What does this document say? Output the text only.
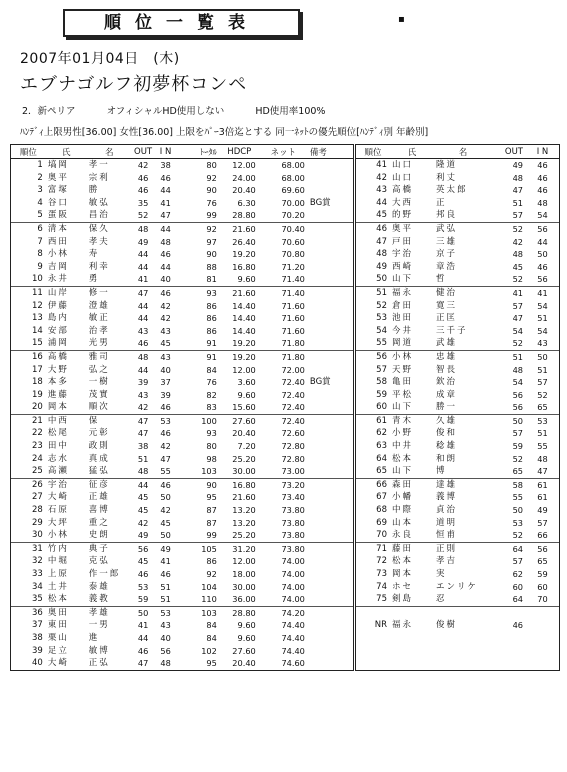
順位一覧表	▪
2007年01月04日　(木)
エブナゴルフ初夢杯コンペ
2．新ペリア	オフィシャルHD使用しない	HD使用率100%
ﾊﾝﾃﾞｨ上限男性[36.00] 女性[36.00] 上限をﾊﾟｰ3倍迄とする 同一ﾈｯﾄの優先順位[ﾊﾝﾃﾞｨ別 年齢別]
順位	氏	名	OUT	I N	ﾄｰﾀﾙ	HDCP	ネット	備考
1	塙岡	孝一	42	38	80	12.00	68.00	
2	奥平	宗利	46	46	92	24.00	68.00	
3	富塚	勝	46	44	90	20.40	69.60	
4	谷口	敏弘	35	41	76	6.30	70.00	BG賞
5	蛋阪	昌治	52	47	99	28.80	70.20	
6	清本	保久	48	44	92	21.60	70.40	
7	西田	孝夫	49	48	97	26.40	70.60	
8	小林	寿	44	46	90	19.20	70.80	
9	吉岡	利幸	44	44	88	16.80	71.20	
10	永井	勇	41	40	81	9.60	71.40	
11	山岸	修一	47	46	93	21.60	71.40	
12	伊藤	澄雄	44	42	86	14.40	71.60	
13	島内	敏正	44	42	86	14.40	71.60	
14	安部	治孝	43	43	86	14.40	71.60	
15	浦岡	光男	46	45	91	19.20	71.80	
16	高橋	雅司	48	43	91	19.20	71.80	
17	大野	弘之	44	40	84	12.00	72.00	
18	本多	一樹	39	37	76	3.60	72.40	BG賞
19	進藤	茂實	43	39	82	9.60	72.40	
20	岡本	順次	42	46	83	15.60	72.40	
21	中西	保	47	53	100	27.60	72.40	
22	松尾	元彰	47	46	93	20.40	72.60	
23	田中	政則	38	42	80	7.20	72.80	
24	志水	真成	51	47	98	25.20	72.80	
25	高瀬	猛弘	48	55	103	30.00	73.00	
26	宇治	征彦	44	46	90	16.80	73.20	
27	大崎	正雄	45	50	95	21.60	73.40	
28	石原	喜博	45	42	87	13.20	73.80	
29	大坪	重之	42	45	87	13.20	73.80	
30	小林	史朗	49	50	99	25.20	73.80	
31	竹内	典子	56	49	105	31.20	73.80	
32	中堀	克弘	45	41	86	12.00	74.00	
33	上原	作一郎	46	46	92	18.00	74.00	
34	土井	泰雄	53	51	104	30.00	74.00	
35	松本	義教	59	51	110	36.00	74.00	
36	奥田	孝雄	50	53	103	28.80	74.20	
37	東田	一男	41	43	84	9.60	74.40	
38	栗山	進	44	40	84	9.60	74.40	
39	足立	敏博	46	56	102	27.60	74.40	
40	大崎	正弘	47	48	95	20.40	74.60	
順位	氏	名	OUT	I N
41	山口	隆道	49	46
42	山口	利丈	48	46
43	高橋	英太郎	47	46
44	大西	正	51	48
45	的野	邦良	57	54
46	奥平	武弘	52	56
47	戸田	三雄	42	44
48	宇治	京子	48	50
49	西崎	章浩	45	46
50	山下	哲	52	56
51	福永	健治	41	41
52	倉田	寛三	57	54
53	池田	正匡	47	51
54	今井	三千子	54	54
55	岡道	武雄	52	43
56	小林	忠雄	51	50
57	天野	智長	48	51
58	亀田	欽治	54	57
59	平松	成章	56	52
60	山下	勝一	56	65
61	青木	久雄	50	53
62	小野	俊和	57	51
63	中井	稔雄	59	55
64	松本	和朗	52	48
65	山下	博	65	47
66	森田	達雄	58	61
67	小幡	義博	55	61
68	中際	貞治	50	49
69	山本	道明	53	57
70	永良	恒甫	52	66
71	藤田	正則	64	56
72	松本	孝吉	57	65
73	岡本	実	62	59
74	ホセ	エンリケ	60	60
75	剣島	忍	64	70

NR	福永	俊樹	46	
